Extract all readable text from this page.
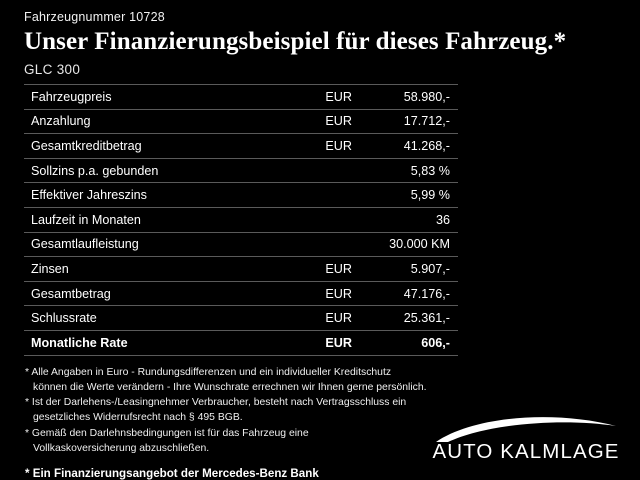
Fahrzeugnummer 10728
Unser Finanzierungsbeispiel für dieses Fahrzeug.*
GLC 300
Fahrzeugpreis	EUR	58.980,-
Anzahlung	EUR	17.712,-
Gesamtkreditbetrag	EUR	41.268,-
Sollzins p.a. gebunden	5,83 %
Effektiver Jahreszins	5,99 %
Laufzeit in Monaten	36
Gesamtlaufleistung	30.000 KM
Zinsen	EUR	5.907,-
Gesamtbetrag	EUR	47.176,-
Schlussrate	EUR	25.361,-
Monatliche Rate	EUR	606,-

* Alle Angaben in Euro - Rundungsdifferenzen und ein individueller Kreditschutz

können die Werte verändern - Ihre Wunschrate errechnen wir Ihnen gerne persönlich.

* Ist der Darlehens-/Leasingnehmer Verbraucher, besteht nach Vertragsschluss ein

gesetzliches Widerrufsrecht nach § 495 BGB.

* Gemäß den Darlehnsbedingungen ist für das Fahrzeug eine

Vollkaskoversicherung abzuschließen.

* Ein Finanzierungsangebot der Mercedes-Benz Bank
AUTO KALMLAGE
